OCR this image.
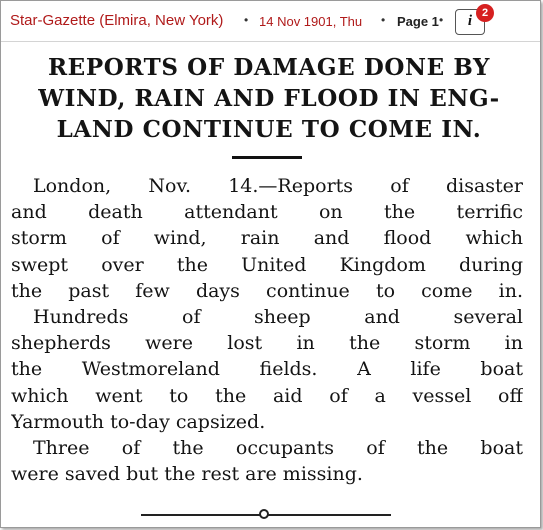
Star-Gazette (Elmira, New York) • 14 Nov 1901, Thu • Page 1 •	i 2
REPORTS OF DAMAGE DONE BY
WIND, RAIN AND FLOOD IN ENG-
LAND CONTINUE TO COME IN.
London, Nov. 14.—Reports of disaster
and death attendant on the terrific
storm of wind, rain and flood which
swept over the United Kingdom during
the past few days continue to come in.
Hundreds of sheep and several
shepherds were lost in the storm in
the Westmoreland fields. A life boat
which went to the aid of a vessel off
Yarmouth to-day capsized.
Three of the occupants of the boat
were saved but the rest are missing.
